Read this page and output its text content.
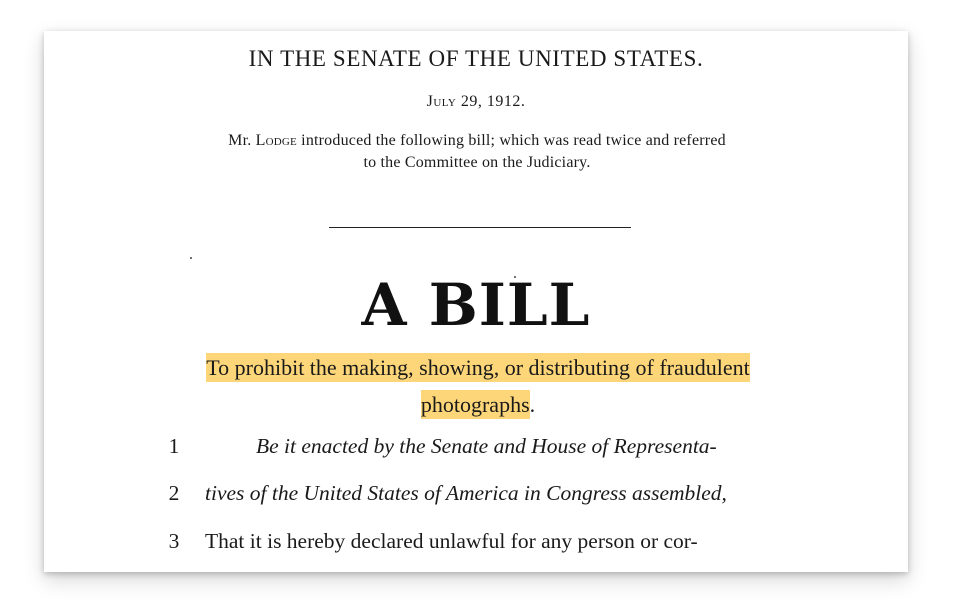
IN THE SENATE OF THE UNITED STATES.
July 29, 1912.
Mr. Lodge introduced the following bill; which was read twice and referred
to the Committee on the Judiciary.
A BILL
To prohibit the making, showing, or distributing of fraudulent
photographs.
1	Be it enacted by the Senate and House of Representa-
2	tives of the United States of America in Congress assembled,
3	That it is hereby declared unlawful for any person or cor-
